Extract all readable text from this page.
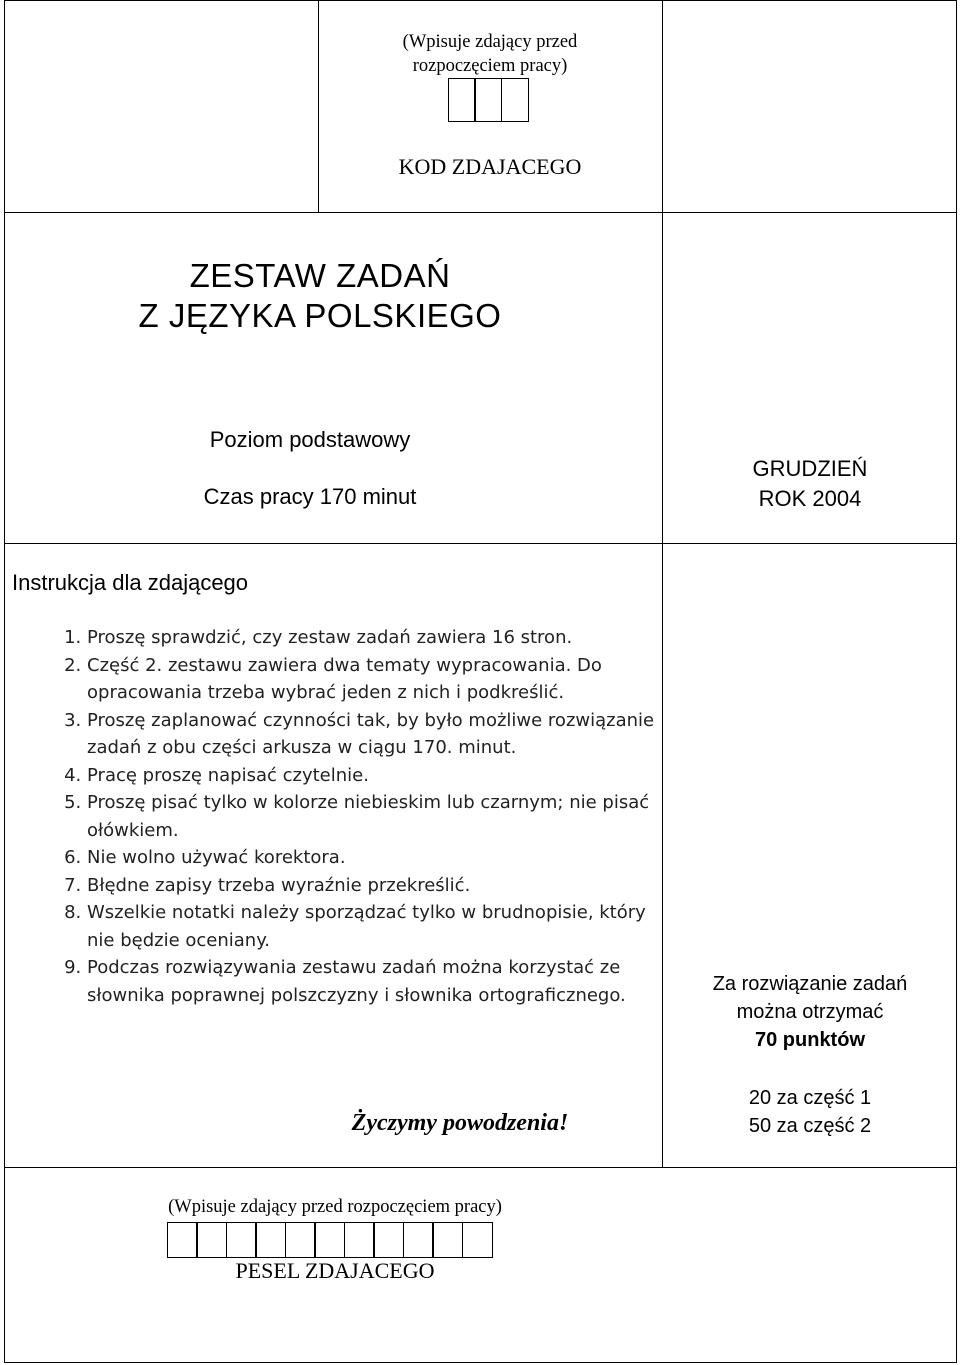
(Wpisuje zdający przed
rozpoczęciem pracy)
KOD ZDAJACEGO
ZESTAW ZADAŃ
Z JĘZYKA POLSKIEGO
Poziom podstawowy
Czas pracy 170 minut
GRUDZIEŃ
ROK 2004
Instrukcja dla zdającego
1. Proszę sprawdzić, czy zestaw zadań zawiera 16 stron.
2. Część 2. zestawu zawiera dwa tematy wypracowania. Do opracowania trzeba wybrać jeden z nich i podkreślić.
3. Proszę zaplanować czynności tak, by było możliwe rozwiązanie zadań z obu części arkusza w ciągu 170. minut.
4. Pracę proszę napisać czytelnie.
5. Proszę pisać tylko w kolorze niebieskim lub czarnym; nie pisać ołówkiem.
6. Nie wolno używać korektora.
7. Błędne zapisy trzeba wyraźnie przekreślić.
8. Wszelkie notatki należy sporządzać tylko w brudnopisie, który nie będzie oceniany.
9. Podczas rozwiązywania zestawu zadań można korzystać ze słownika poprawnej polszczyzny i słownika ortograficznego.
Życzymy powodzenia!
Za rozwiązanie zadań
można otrzymać
70 punktów
20 za część 1
50 za część 2
(Wpisuje zdający przed rozpoczęciem pracy)
PESEL ZDAJACEGO
